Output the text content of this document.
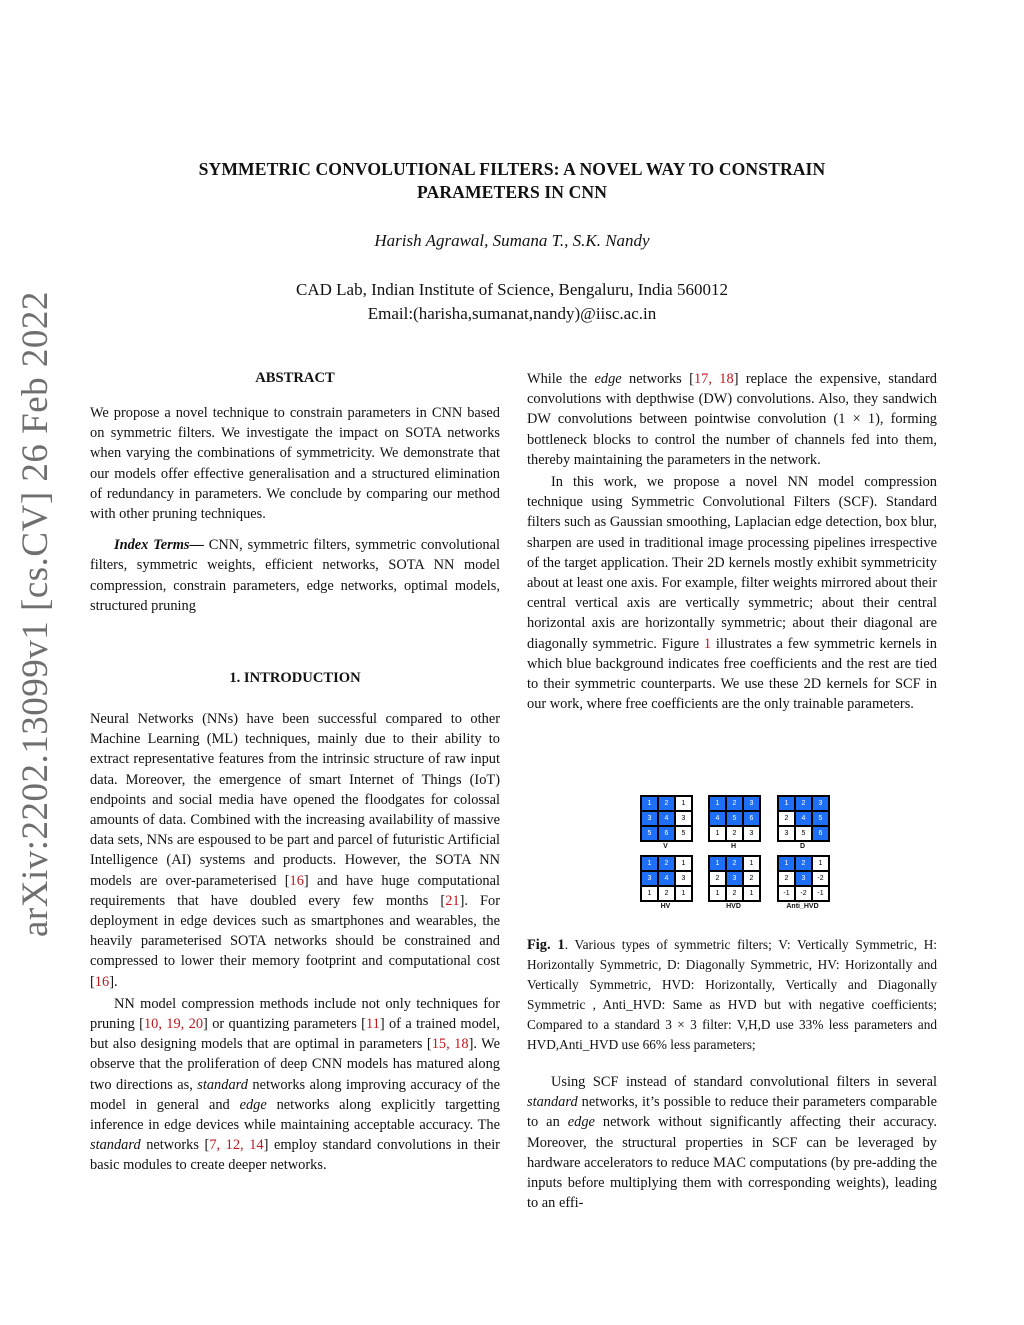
arXiv:2202.13099v1 [cs.CV] 26 Feb 2022
SYMMETRIC CONVOLUTIONAL FILTERS: A NOVEL WAY TO CONSTRAIN
PARAMETERS IN CNN
Harish Agrawal, Sumana T., S.K. Nandy
CAD Lab, Indian Institute of Science, Bengaluru, India 560012
Email:(harisha,sumanat,nandy)@iisc.ac.in
ABSTRACT

We propose a novel technique to constrain parameters in CNN based on symmetric filters. We investigate the impact on SOTA networks when varying the combinations of symmetricity. We demonstrate that our models offer effective generalisation and a structured elimination of redundancy in parameters. We conclude by comparing our method with other pruning techniques.

Index Terms— CNN, symmetric filters, symmetric convolutional filters, symmetric weights, efficient networks, SOTA NN model compression, constrain parameters, edge networks, optimal models, structured pruning

1. INTRODUCTION

Neural Networks (NNs) have been successful compared to other Machine Learning (ML) techniques, mainly due to their ability to extract representative features from the intrinsic structure of raw input data. Moreover, the emergence of smart Internet of Things (IoT) endpoints and social media have opened the floodgates for colossal amounts of data. Combined with the increasing availability of massive data sets, NNs are espoused to be part and parcel of futuristic Artificial Intelligence (AI) systems and products. However, the SOTA NN models are over-parameterised [16] and have huge computational requirements that have doubled every few months [21]. For deployment in edge devices such as smartphones and wearables, the heavily parameterised SOTA networks should be constrained and compressed to lower their memory footprint and computational cost [16].

NN model compression methods include not only techniques for pruning [10, 19, 20] or quantizing parameters [11] of a trained model, but also designing models that are optimal in parameters [15, 18]. We observe that the proliferation of deep CNN models has matured along two directions as, standard networks along improving accuracy of the model in general and edge networks along explicitly targetting inference in edge devices while maintaining acceptable accuracy. The standard networks [7, 12, 14] employ standard convolutions in their basic modules to create deeper networks.

While the edge networks [17, 18] replace the expensive, standard convolutions with depthwise (DW) convolutions. Also, they sandwich DW convolutions between pointwise convolution (1 × 1), forming bottleneck blocks to control the number of channels fed into them, thereby maintaining the parameters in the network.

In this work, we propose a novel NN model compression technique using Symmetric Convolutional Filters (SCF). Standard filters such as Gaussian smoothing, Laplacian edge detection, box blur, sharpen are used in traditional image processing pipelines irrespective of the target application. Their 2D kernels mostly exhibit symmetricity about at least one axis. For example, filter weights mirrored about their central vertical axis are vertically symmetric; about their central horizontal axis are horizontally symmetric; about their diagonal are diagonally symmetric. Figure 1 illustrates a few symmetric kernels in which blue background indicates free coefficients and the rest are tied to their symmetric counterparts. We use these 2D kernels for SCF in our work, where free coefficients are the only trainable parameters.

1	2	1
3	4	3
5	6	5
V
1	2	3
4	5	6
1	2	3
H
1	2	3
2	4	5
3	5	6
D
1	2	1
3	4	3
1	2	1
HV
1	2	1
2	3	2
1	2	1
HVD
1	2	1
2	3	-2
-1	-2	-1
Anti_HVD
Fig. 1. Various types of symmetric filters; V: Vertically Symmetric, H: Horizontally Symmetric, D: Diagonally Symmetric, HV: Horizontally and Vertically Symmetric, HVD: Horizontally, Vertically and Diagonally Symmetric , Anti_HVD: Same as HVD but with negative coefficients; Compared to a standard 3 × 3 filter: V,H,D use 33% less parameters and HVD,Anti_HVD use 66% less parameters;

Using SCF instead of standard convolutional filters in several standard networks, it’s possible to reduce their parameters comparable to an edge network without significantly affecting their accuracy. Moreover, the structural properties in SCF can be leveraged by hardware accelerators to reduce MAC computations (by pre-adding the inputs before multiplying them with corresponding weights), leading to an effi-
